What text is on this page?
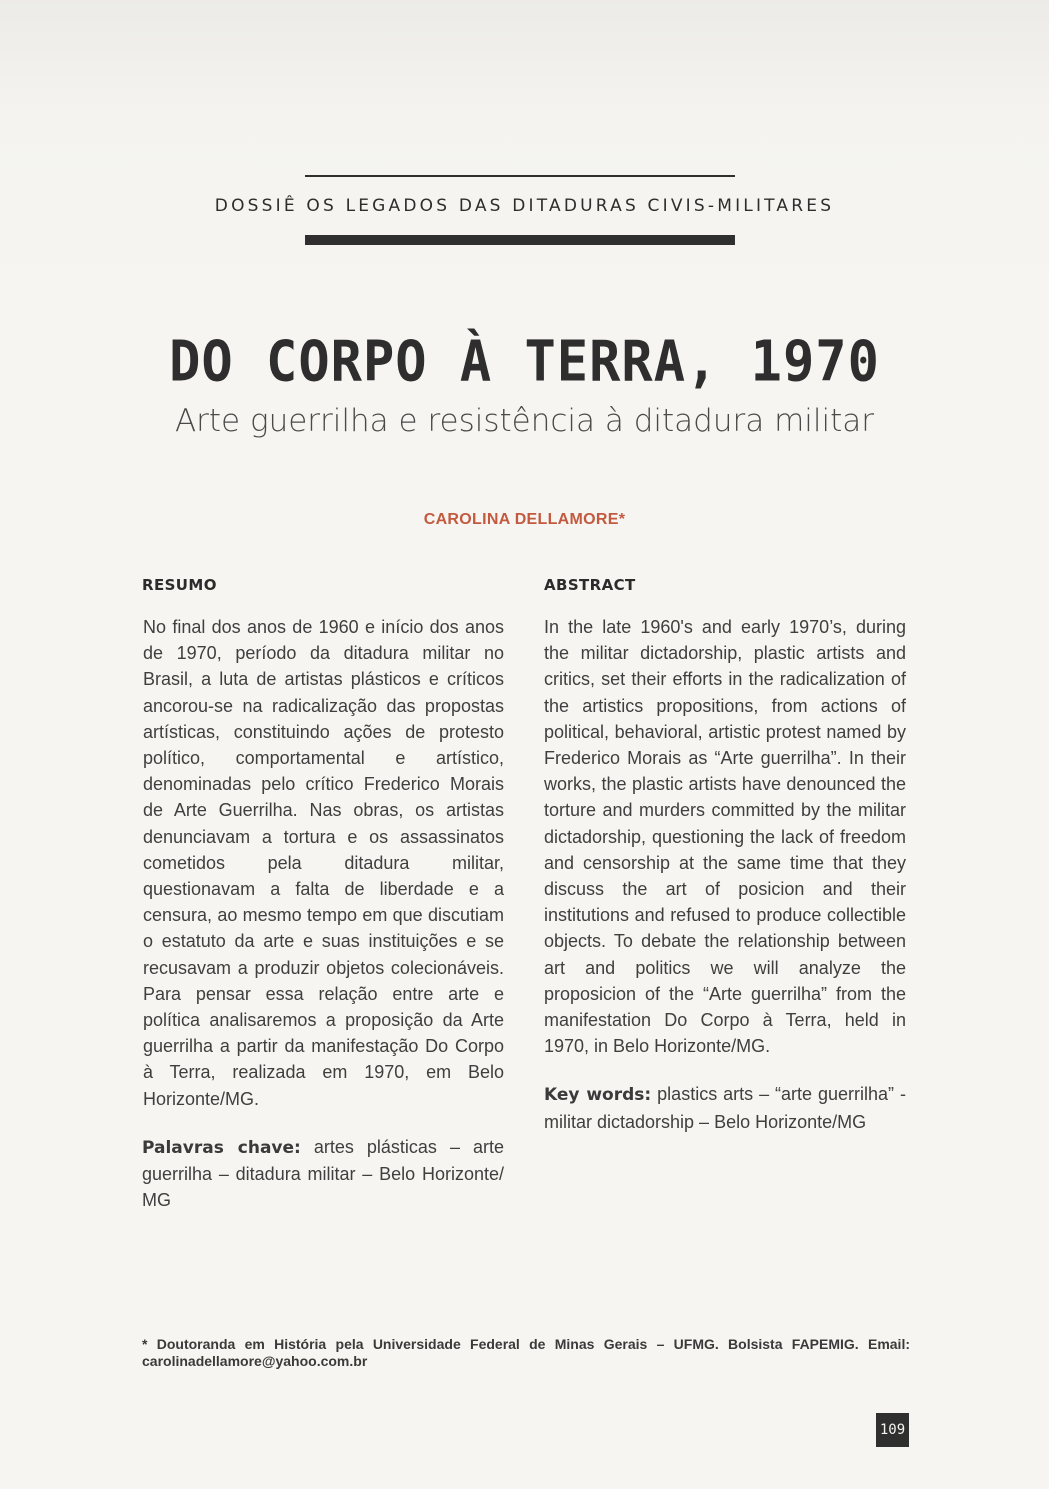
DOSSIÊ OS LEGADOS DAS DITADURAS CIVIS-MILITARES
DO CORPO À TERRA, 1970
Arte guerrilha e resistência à ditadura militar
CAROLINA DELLAMORE*
RESUMO

No final dos anos de 1960 e início dos anos de 1970, período da ditadura militar no Brasil, a luta de artistas plásticos e críticos ancorou-se na radicalização das propostas artísticas, constituindo ações de protesto político, comportamental e artístico, denominadas pelo crítico Frederico Morais de Arte Guerrilha. Nas obras, os artistas denunciavam a tortura e os assassinatos cometidos pela ditadura militar, questionavam a falta de liberdade e a censura, ao mesmo tempo em que discutiam o estatuto da arte e suas instituições e se recusavam a produzir objetos colecionáveis. Para pensar essa relação entre arte e política analisaremos a proposição da Arte guerrilha a partir da manifestação Do Corpo à Terra, realizada em 1970, em Belo Horizonte/MG.

Palavras chave: artes plásticas – arte guerrilha – ditadura militar – Belo Horizonte/ MG
ABSTRACT

In the late 1960's and early 1970’s, during the militar dictadorship, plastic artists and critics, set their efforts in the radicalization of the artistics propositions, from actions of political, behavioral, artistic protest named by Frederico Morais as “Arte guerrilha”. In their works, the plastic artists have denounced the torture and murders committed by the militar dictadorship, questioning the lack of freedom and censorship at the same time that they discuss the art of posicion and their institutions and refused to produce collectible objects. To debate the relationship between art and politics we will analyze the proposicion of the “Arte guerrilha” from the manifestation Do Corpo à Terra, held in 1970, in Belo Horizonte/MG.

Key words: plastics arts – “arte guerrilha” - militar dictadorship – Belo Horizonte/MG
* Doutoranda em História pela Universidade Federal de Minas Gerais – UFMG. Bolsista FAPEMIG. Email: carolinadellamore@yahoo.com.br
109
